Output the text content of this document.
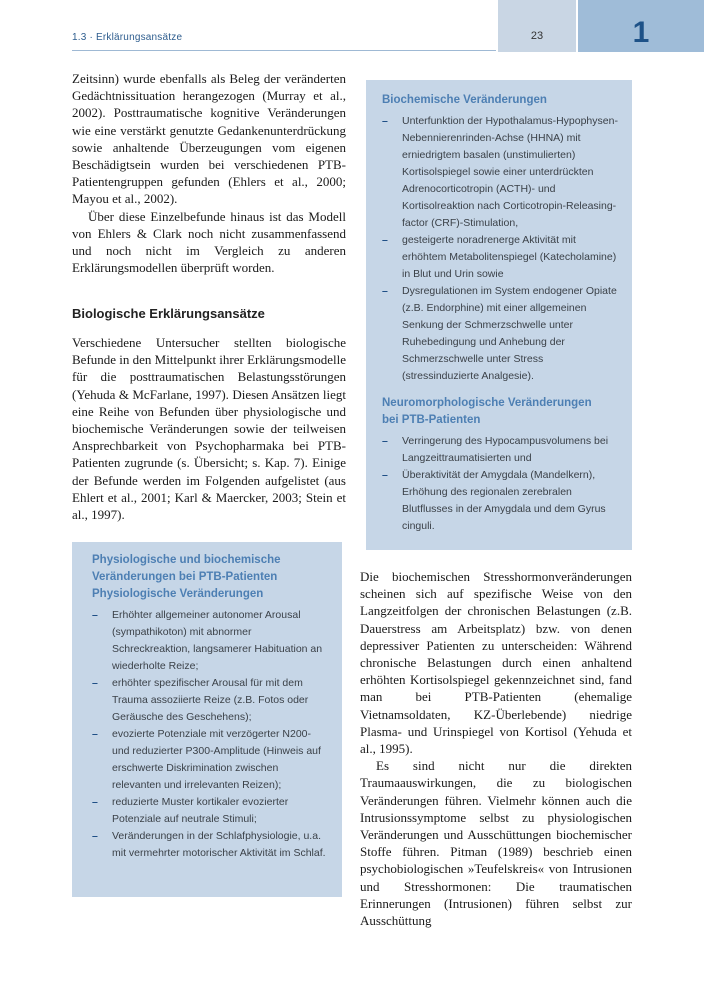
1.3 · Erklärungsansätze	23	1

Zeitsinn) wurde ebenfalls als Beleg der veränderten Gedächtnissituation herangezogen (Murray et al., 2002). Posttraumatische kognitive Veränderungen wie eine verstärkt genutzte Gedankenunterdrückung sowie anhaltende Überzeugungen vom eigenen Beschädigtsein wurden bei verschiedenen PTB-Patientengruppen gefunden (Ehlers et al., 2000; Mayou et al., 2002).

Über diese Einzelbefunde hinaus ist das Modell von Ehlers & Clark noch nicht zusammenfassend und noch nicht im Vergleich zu anderen Erklärungsmodellen überprüft worden.

Biologische Erklärungsansätze

Verschiedene Untersucher stellten biologische Befunde in den Mittelpunkt ihrer Erklärungsmodelle für die posttraumatischen Belastungsstörungen (Yehuda & McFarlane, 1997). Diesen Ansätzen liegt eine Reihe von Befunden über physiologische und biochemische Veränderungen sowie der teilweisen Ansprechbarkeit von Psychopharmaka bei PTB-Patienten zugrunde (s. Übersicht; s. Kap. 7). Einige der Befunde werden im Folgenden aufgelistet (aus Ehlert et al., 2001; Karl & Maercker, 2003; Stein et al., 1997).

Biochemische Veränderungen
– Unterfunktion der Hypothalamus-Hypophysen-Nebennierenrinden-Achse (HHNA) mit erniedrigtem basalen (unstimulierten) Kortisolspiegel sowie einer unterdrückten Adrenocorticotropin (ACTH)- und Kortisolreaktion nach Corticotropin-Releasing-factor (CRF)-Stimulation,
– gesteigerte noradrenerge Aktivität mit erhöhtem Metabolitenspiegel (Katecholamine) in Blut und Urin sowie
– Dysregulationen im System endogener Opiate (z.B. Endorphine) mit einer allgemeinen Senkung der Schmerzschwelle unter Ruhebedingung und Anhebung der Schmerzschwelle unter Stress (stressinduzierte Analgesie).
Neuromorphologische Veränderungen
bei PTB-Patienten
– Verringerung des Hypocampusvolumens bei Langzeittraumatisierten und
– Überaktivität der Amygdala (Mandelkern), Erhöhung des regionalen zerebralen Blutflusses in der Amygdala und dem Gyrus cinguli.
Physiologische und biochemische
Veränderungen bei PTB-Patienten
Physiologische Veränderungen
– Erhöhter allgemeiner autonomer Arousal (sympathikoton) mit abnormer Schreckreaktion, langsamerer Habituation an wiederholte Reize;
– erhöhter spezifischer Arousal für mit dem Trauma assoziierte Reize (z.B. Fotos oder Geräusche des Geschehens);
– evozierte Potenziale mit verzögerter N200- und reduzierter P300-Amplitude (Hinweis auf erschwerte Diskrimination zwischen relevanten und irrelevanten Reizen);
– reduzierte Muster kortikaler evozierter Potenziale auf neutrale Stimuli;
– Veränderungen in der Schlafphysiologie, u.a. mit vermehrter motorischer Aktivität im Schlaf.

Die biochemischen Stresshormonveränderungen scheinen sich auf spezifische Weise von den Langzeitfolgen der chronischen Belastungen (z.B. Dauerstress am Arbeitsplatz) bzw. von denen depressiver Patienten zu unterscheiden: Während chronische Belastungen durch einen anhaltend erhöhten Kortisolspiegel gekennzeichnet sind, fand man bei PTB-Patienten (ehemalige Vietnamsoldaten, KZ-Überlebende) niedrige Plasma- und Urinspiegel von Kortisol (Yehuda et al., 1995).

Es sind nicht nur die direkten Traumaauswirkungen, die zu biologischen Veränderungen führen. Vielmehr können auch die Intrusionssymptome selbst zu physiologischen Veränderungen und Ausschüttungen biochemischer Stoffe führen. Pitman (1989) beschrieb einen psychobiologischen »Teufelskreis« von Intrusionen und Stresshormonen: Die traumatischen Erinnerungen (Intrusionen) führen selbst zur Ausschüttung
